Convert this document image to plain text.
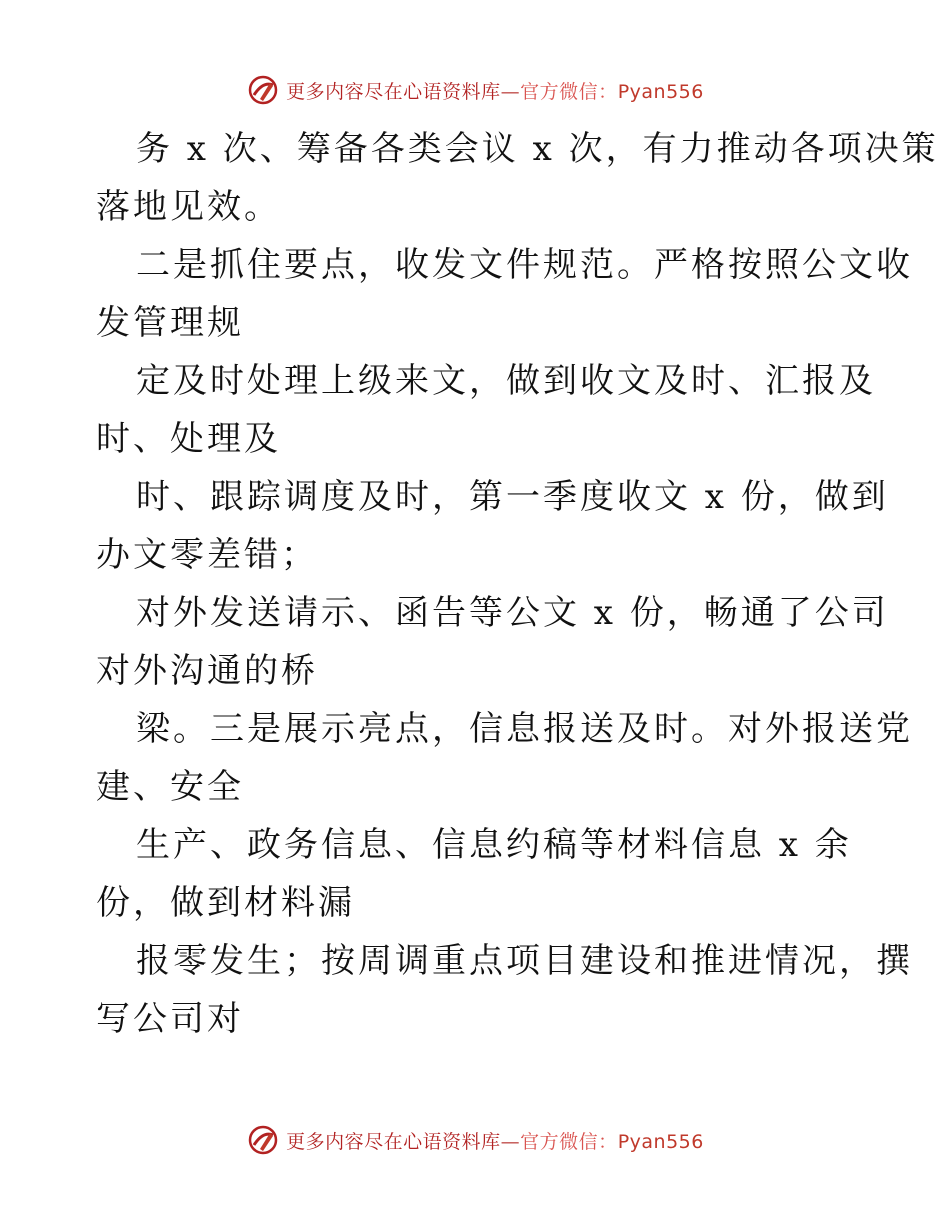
更多内容尽在心语资料库—官方微信：Pyan556
务 x 次、筹备各类会议 x 次，有力推动各项决策
落地见效。
二是抓住要点，收发文件规范。严格按照公文收
发管理规
定及时处理上级来文，做到收文及时、汇报及
时、处理及
时、跟踪调度及时，第一季度收文 x 份，做到
办文零差错；
对外发送请示、函告等公文 x 份，畅通了公司
对外沟通的桥
梁。三是展示亮点，信息报送及时。对外报送党
建、安全
生产、政务信息、信息约稿等材料信息 x 余
份，做到材料漏
报零发生；按周调重点项目建设和推进情况，撰
写公司对
更多内容尽在心语资料库—官方微信：Pyan556
